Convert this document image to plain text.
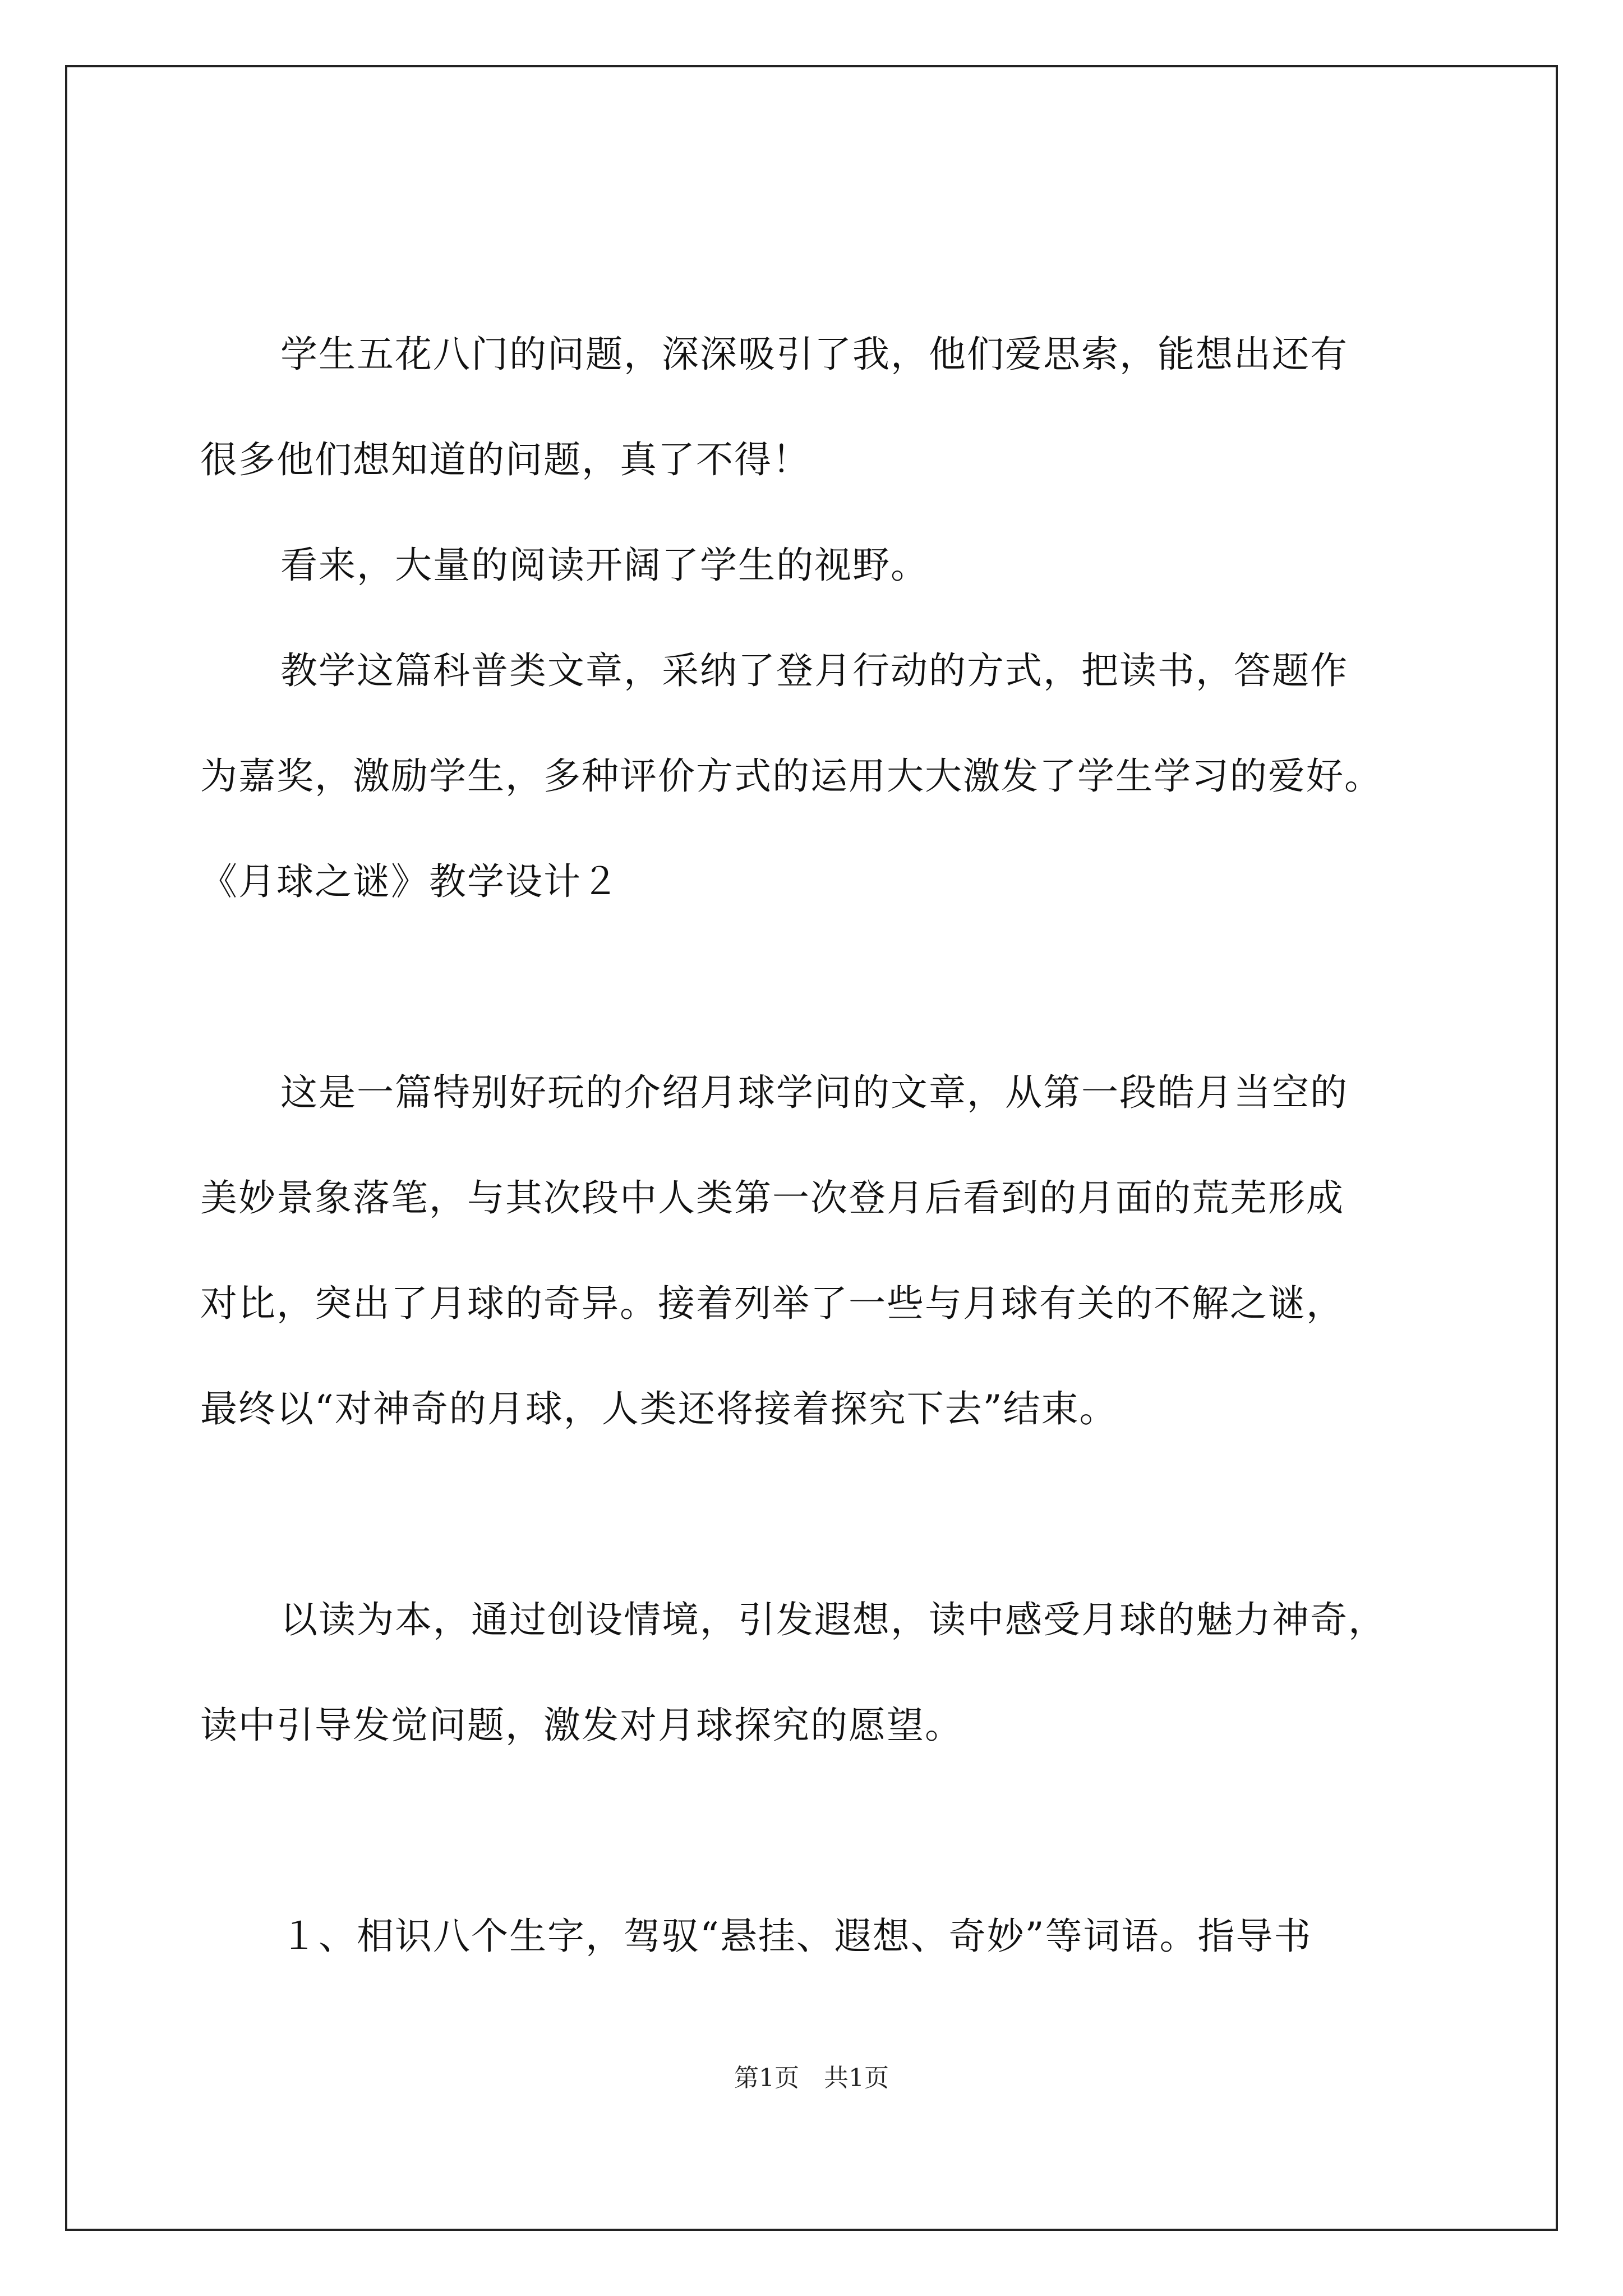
学生五花八门的问题，深深吸引了我，他们爱思索，能想出还有
很多他们想知道的问题，真了不得！
看来，大量的阅读开阔了学生的视野。
教学这篇科普类文章，采纳了登月行动的方式，把读书，答题作
为嘉奖，激励学生，多种评价方式的运用大大激发了学生学习的爱好。
《月球之谜》教学设计２
这是一篇特别好玩的介绍月球学问的文章，从第一段皓月当空的
美妙景象落笔，与其次段中人类第一次登月后看到的月面的荒芜形成
对比，突出了月球的奇异。接着列举了一些与月球有关的不解之谜，
最终以“对神奇的月球，人类还将接着探究下去”结束。
以读为本，通过创设情境，引发遐想，读中感受月球的魅力神奇，
读中引导发觉问题，激发对月球探究的愿望。
１、相识八个生字，驾驭“悬挂、遐想、奇妙”等词语。指导书
第1页　共1页
